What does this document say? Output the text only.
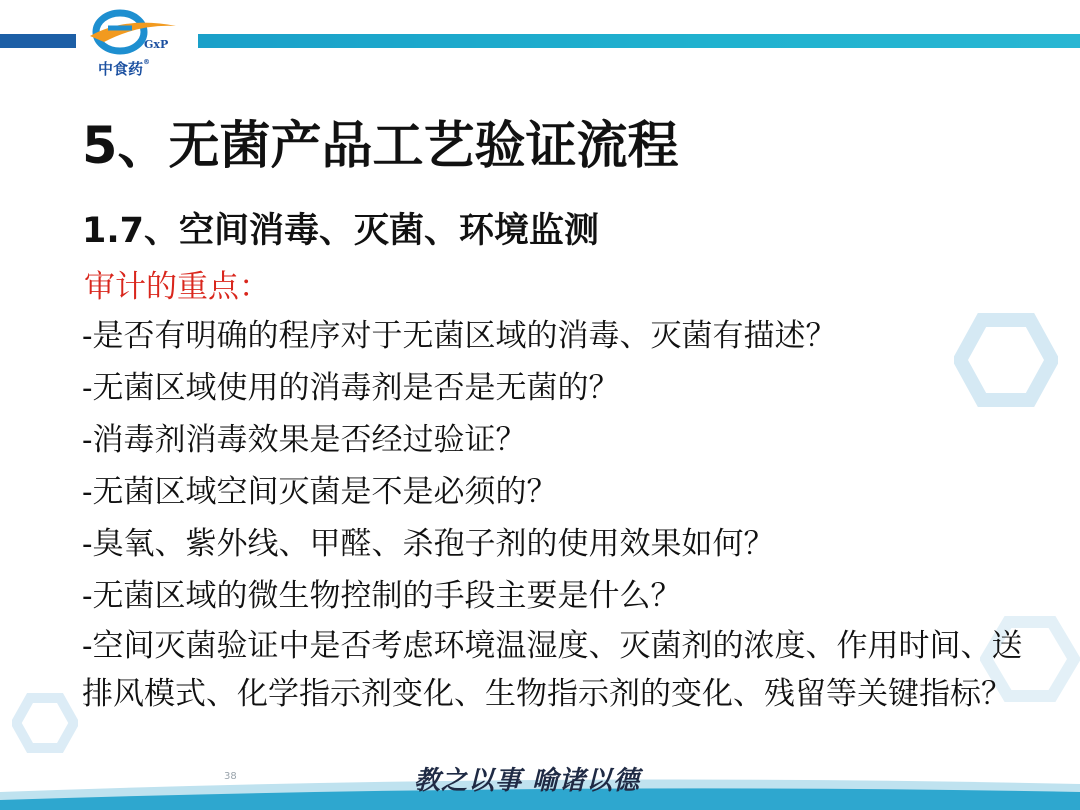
GxP
中食药®
5、无菌产品工艺验证流程
1.7、空间消毒、灭菌、环境监测

审计的重点：

-是否有明确的程序对于无菌区域的消毒、灭菌有描述？
-无菌区域使用的消毒剂是否是无菌的？
-消毒剂消毒效果是否经过验证？
-无菌区域空间灭菌是不是必须的？
-臭氧、紫外线、甲醛、杀孢子剂的使用效果如何？
-无菌区域的微生物控制的手段主要是什么？
-空间灭菌验证中是否考虑环境温湿度、灭菌剂的浓度、作用时间、送排风模式、化学指示剂变化、生物指示剂的变化、残留等关键指标？
38	教之以事 喻诸以德
